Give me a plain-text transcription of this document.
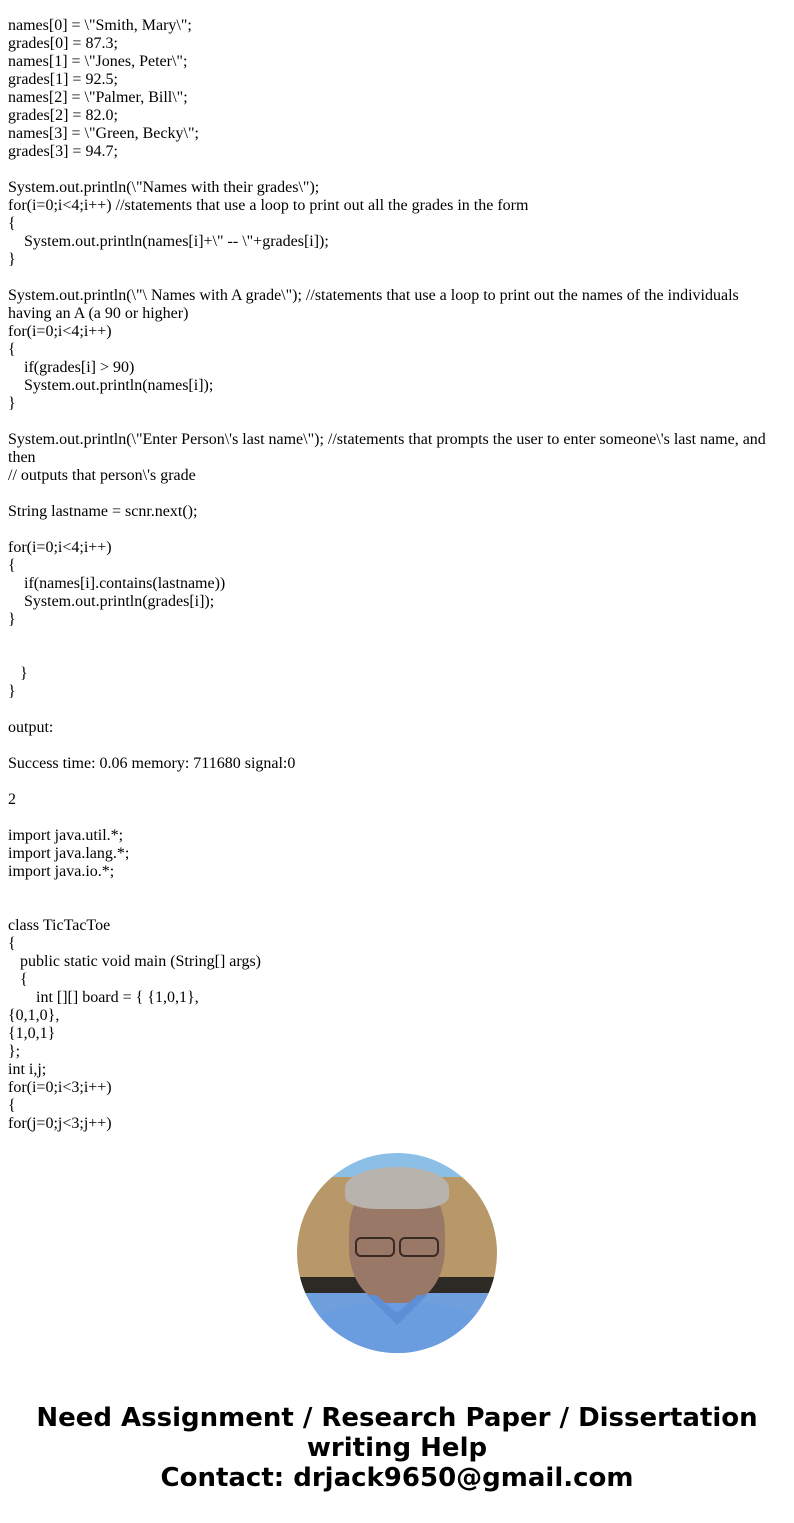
names[0] = \"Smith, Mary\";
grades[0] = 87.3;
names[1] = \"Jones, Peter\";
grades[1] = 92.5;
names[2] = \"Palmer, Bill\";
grades[2] = 82.0;
names[3] = \"Green, Becky\";
grades[3] = 94.7;
System.out.println(\"Names with their grades\");
for(i=0;i<4;i++) //statements that use a loop to print out all the grades in the form
{
System.out.println(names[i]+\" -- \"+grades[i]);
}
System.out.println(\"\ Names with A grade\"); //statements that use a loop to print out the names of the individuals having an A (a 90 or higher)
for(i=0;i<4;i++)
{
if(grades[i] > 90)
System.out.println(names[i]);
}
System.out.println(\"Enter Person\'s last name\"); //statements that prompts the user to enter someone\'s last name, and then
// outputs that person\'s grade
String lastname = scnr.next();
for(i=0;i<4;i++)
{
if(names[i].contains(lastname))
System.out.println(grades[i]);
}
}
}
output:
Success time: 0.06 memory: 711680 signal:0
2
import java.util.*;
import java.lang.*;
import java.io.*;
class TicTacToe
{
public static void main (String[] args)
{
int [][] board = { {1,0,1},
{0,1,0},
{1,0,1}
};
int i,j;
for(i=0;i<3;i++)
{
for(j=0;j<3;j++)
Need Assignment / Research Paper / Dissertation
writing Help
Contact: drjack9650@gmail.com
